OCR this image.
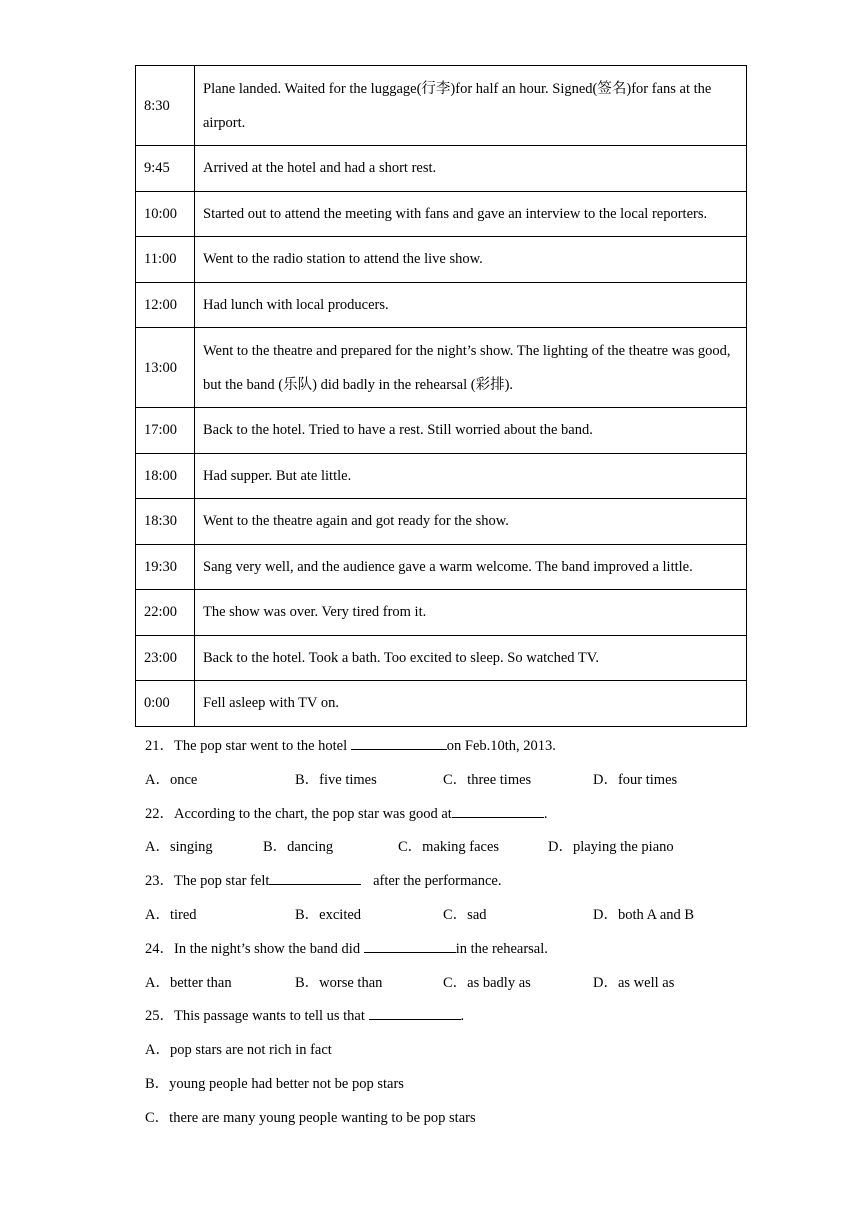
8:30	Plane landed. Waited for the luggage(行李)for half an hour. Signed(签名)for fans at the airport.
9:45	Arrived at the hotel and had a short rest.
10:00	Started out to attend the meeting with fans and gave an interview to the local reporters.
11:00	Went to the radio station to attend the live show.
12:00	Had lunch with local producers.
13:00	Went to the theatre and prepared for the night’s show. The lighting of the theatre was good, but the band (乐队) did badly in the rehearsal (彩排).
17:00	Back to the hotel. Tried to have a rest. Still worried about the band.
18:00	Had supper. But ate little.
18:30	Went to the theatre again and got ready for the show.
19:30	Sang very well, and the audience gave a warm welcome. The band improved a little.
22:00	The show was over. Very tired from it.
23:00	Back to the hotel. Took a bath. Too excited to sleep. So watched TV.
0:00	Fell asleep with TV on.
21．The pop star went to the hotel	on Feb.10th, 2013.
A．once	B．five times	C．three times	D．four times
22．According to the chart, the pop star was good at	.
A．singing	B．dancing	C．making faces	D．playing the piano
23．The pop star felt	after the performance.
A．tired	B．excited	C．sad	D．both A and B
24．In the night’s show the band did	in the rehearsal.
A．better than	B．worse than	C．as badly as	D．as well as
25．This passage wants to tell us that	.
A．pop stars are not rich in fact
B．young people had better not be pop stars
C．there are many young people wanting to be pop stars
